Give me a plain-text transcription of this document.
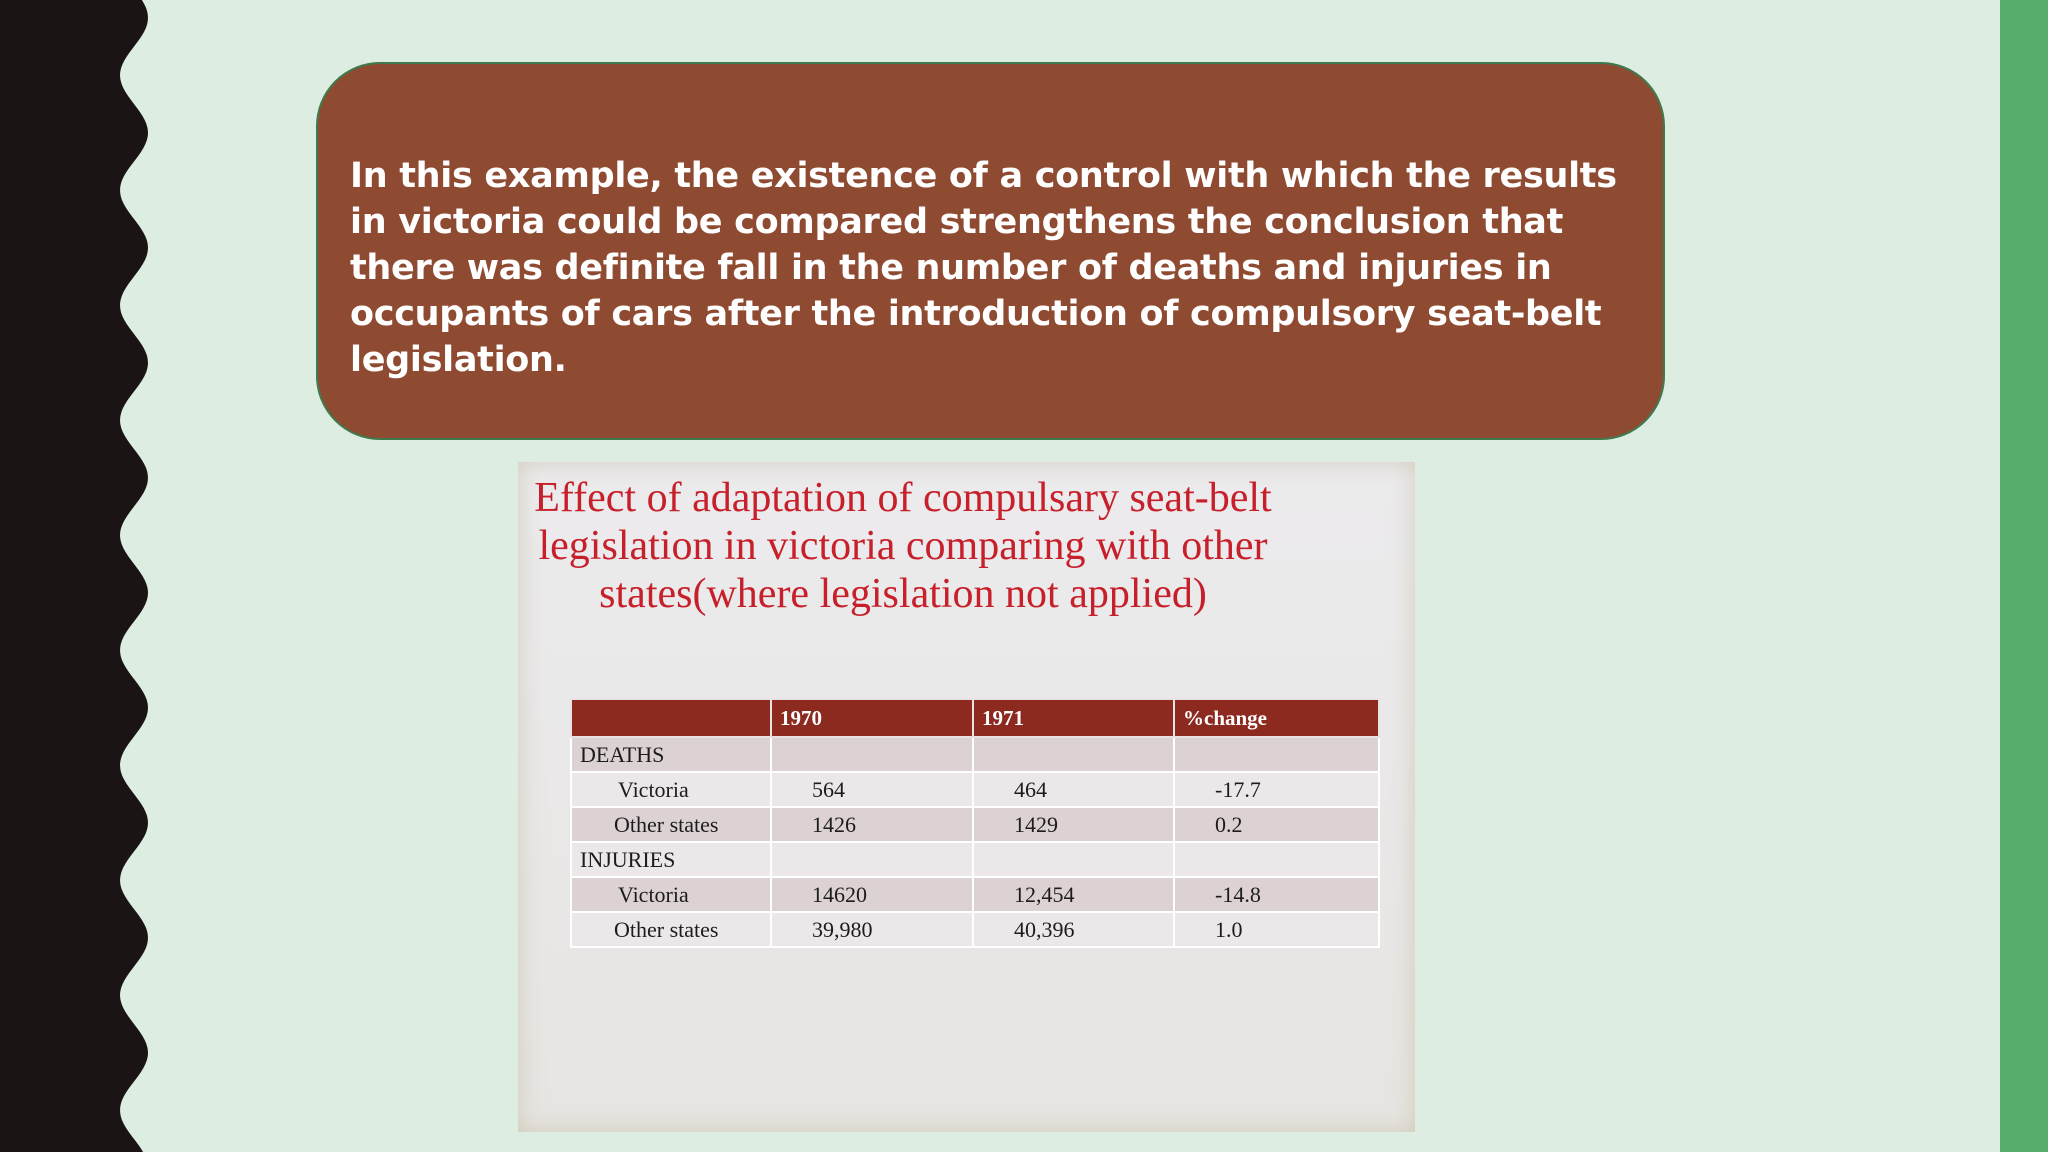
In this example, the existence of a control with which the results in victoria could be compared strengthens the conclusion that there was definite fall in the number of deaths and injuries in occupants of cars after the introduction of compulsory seat-belt legislation.

Effect of adaptation of compulsary seat-belt legislation in victoria comparing with other states(where legislation not applied)
	1970	1971	%change
DEATHS			
Victoria	564	464	-17.7
Other states	1426	1429	0.2
INJURIES			
Victoria	14620	12,454	-14.8
Other states	39,980	40,396	1.0
